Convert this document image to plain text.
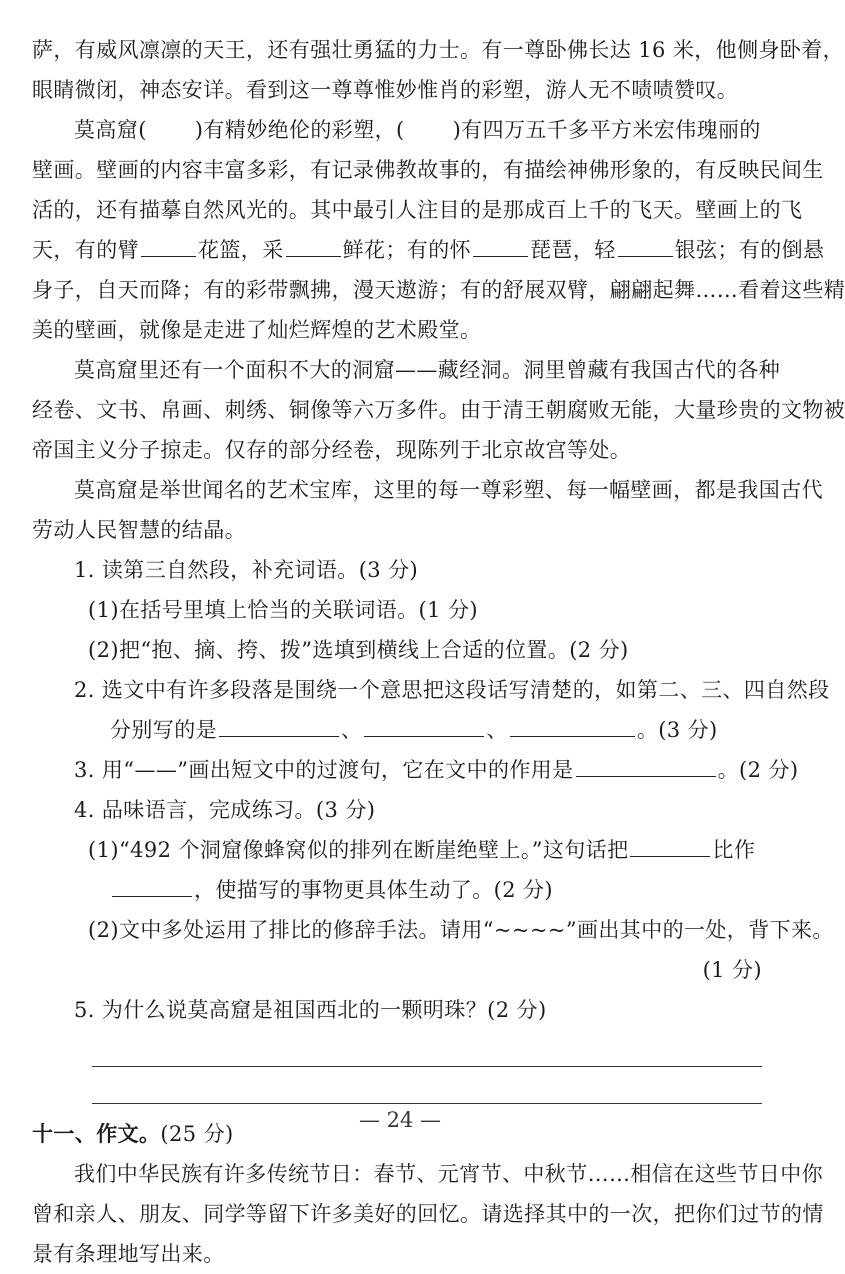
萨，有威风凛凛的天王，还有强壮勇猛的力士。有一尊卧佛长达 16 米，他侧身卧着，
眼睛微闭，神态安详。看到这一尊尊惟妙惟肖的彩塑，游人无不啧啧赞叹。
莫高窟( )有精妙绝伦的彩塑，( )有四万五千多平方米宏伟瑰丽的
壁画。壁画的内容丰富多彩，有记录佛教故事的，有描绘神佛形象的，有反映民间生
活的，还有描摹自然风光的。其中最引人注目的是那成百上千的飞天。壁画上的飞
天，有的臂	花篮，采	鲜花；有的怀	琵琶，轻	银弦；有的倒悬
身子，自天而降；有的彩带飘拂，漫天遨游；有的舒展双臂，翩翩起舞……看着这些精
美的壁画，就像是走进了灿烂辉煌的艺术殿堂。
莫高窟里还有一个面积不大的洞窟——藏经洞。洞里曾藏有我国古代的各种
经卷、文书、帛画、刺绣、铜像等六万多件。由于清王朝腐败无能，大量珍贵的文物被
帝国主义分子掠走。仅存的部分经卷，现陈列于北京故宫等处。
莫高窟是举世闻名的艺术宝库，这里的每一尊彩塑、每一幅壁画，都是我国古代
劳动人民智慧的结晶。
1. 读第三自然段，补充词语。(3 分)
(1)在括号里填上恰当的关联词语。(1 分)
(2)把“抱、摘、挎、拨”选填到横线上合适的位置。(2 分)
2. 选文中有许多段落是围绕一个意思把这段话写清楚的，如第二、三、四自然段
分别写的是	、	、	。(3 分)
3. 用“——”画出短文中的过渡句，它在文中的作用是	。(2 分)
4. 品味语言，完成练习。(3 分)
(1)“492 个洞窟像蜂窝似的排列在断崖绝壁上。”这句话把	比作
，使描写的事物更具体生动了。(2 分)
(2)文中多处运用了排比的修辞手法。请用“~~~~”画出其中的一处，背下来。
(1 分)
5. 为什么说莫高窟是祖国西北的一颗明珠？(2 分)
十一、作文。(25 分)
我们中华民族有许多传统节日：春节、元宵节、中秋节……相信在这些节日中你
曾和亲人、朋友、同学等留下许多美好的回忆。请选择其中的一次，把你们过节的情
景有条理地写出来。
— 24 —
